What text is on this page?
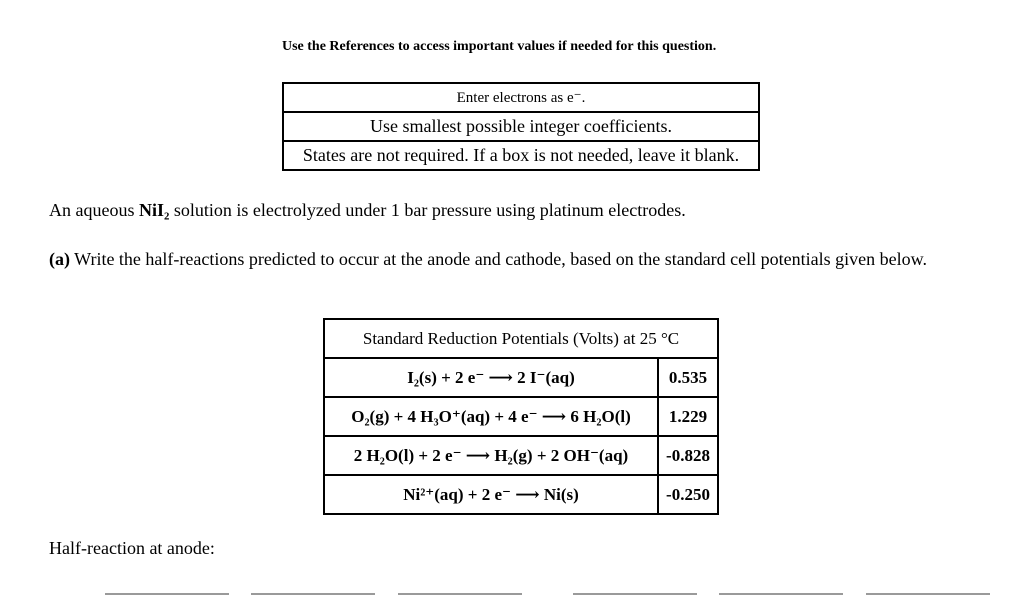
Use the References to access important values if needed for this question.
Enter electrons as e⁻.
Use smallest possible integer coefficients.
States are not required. If a box is not needed, leave it blank.
An aqueous NiI₂ solution is electrolyzed under 1 bar pressure using platinum electrodes.
(a) Write the half-reactions predicted to occur at the anode and cathode, based on the standard cell potentials given below.
Standard Reduction Potentials (Volts) at 25 °C	
I₂(s) + 2 e⁻ ⟶ 2 I⁻(aq)	0.535
O₂(g) + 4 H₃O⁺(aq) + 4 e⁻ ⟶ 6 H₂O(l)	1.229
2 H₂O(l) + 2 e⁻ ⟶ H₂(g) + 2 OH⁻(aq)	-0.828
Ni²⁺(aq) + 2 e⁻ ⟶ Ni(s)	-0.250
Half-reaction at anode:
